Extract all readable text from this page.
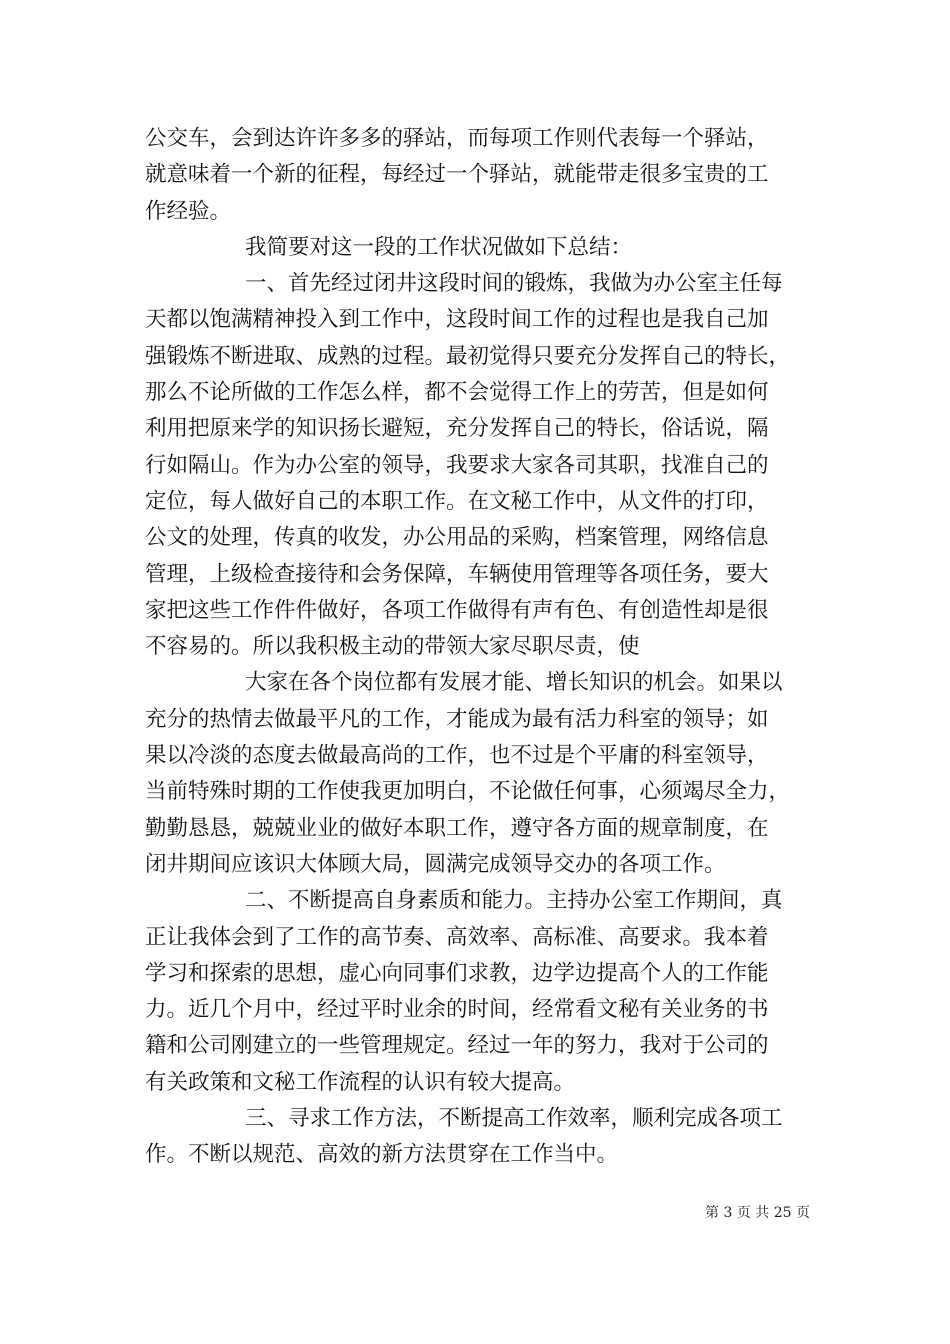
公交车，会到达许许多多的驿站，而每项工作则代表每一个驿站，
就意味着一个新的征程，每经过一个驿站，就能带走很多宝贵的工
作经验。
我简要对这一段的工作状况做如下总结：
一、首先经过闭井这段时间的锻炼，我做为办公室主任每
天都以饱满精神投入到工作中，这段时间工作的过程也是我自己加
强锻炼不断进取、成熟的过程。最初觉得只要充分发挥自己的特长，
那么不论所做的工作怎么样，都不会觉得工作上的劳苦，但是如何
利用把原来学的知识扬长避短，充分发挥自己的特长，俗话说，隔
行如隔山。作为办公室的领导，我要求大家各司其职，找准自己的
定位，每人做好自己的本职工作。在文秘工作中，从文件的打印，
公文的处理，传真的收发，办公用品的采购，档案管理，网络信息
管理，上级检查接待和会务保障，车辆使用管理等各项任务，要大
家把这些工作件件做好，各项工作做得有声有色、有创造性却是很
不容易的。所以我积极主动的带领大家尽职尽责，使
大家在各个岗位都有发展才能、增长知识的机会。如果以
充分的热情去做最平凡的工作，才能成为最有活力科室的领导；如
果以冷淡的态度去做最高尚的工作，也不过是个平庸的科室领导，
当前特殊时期的工作使我更加明白，不论做任何事，心须竭尽全力，
勤勤恳恳，兢兢业业的做好本职工作，遵守各方面的规章制度，在
闭井期间应该识大体顾大局，圆满完成领导交办的各项工作。
二、不断提高自身素质和能力。主持办公室工作期间，真
正让我体会到了工作的高节奏、高效率、高标准、高要求。我本着
学习和探索的思想，虚心向同事们求教，边学边提高个人的工作能
力。近几个月中，经过平时业余的时间，经常看文秘有关业务的书
籍和公司刚建立的一些管理规定。经过一年的努力，我对于公司的
有关政策和文秘工作流程的认识有较大提高。
三、寻求工作方法，不断提高工作效率，顺利完成各项工
作。不断以规范、高效的新方法贯穿在工作当中。
第 3 页 共 25 页
